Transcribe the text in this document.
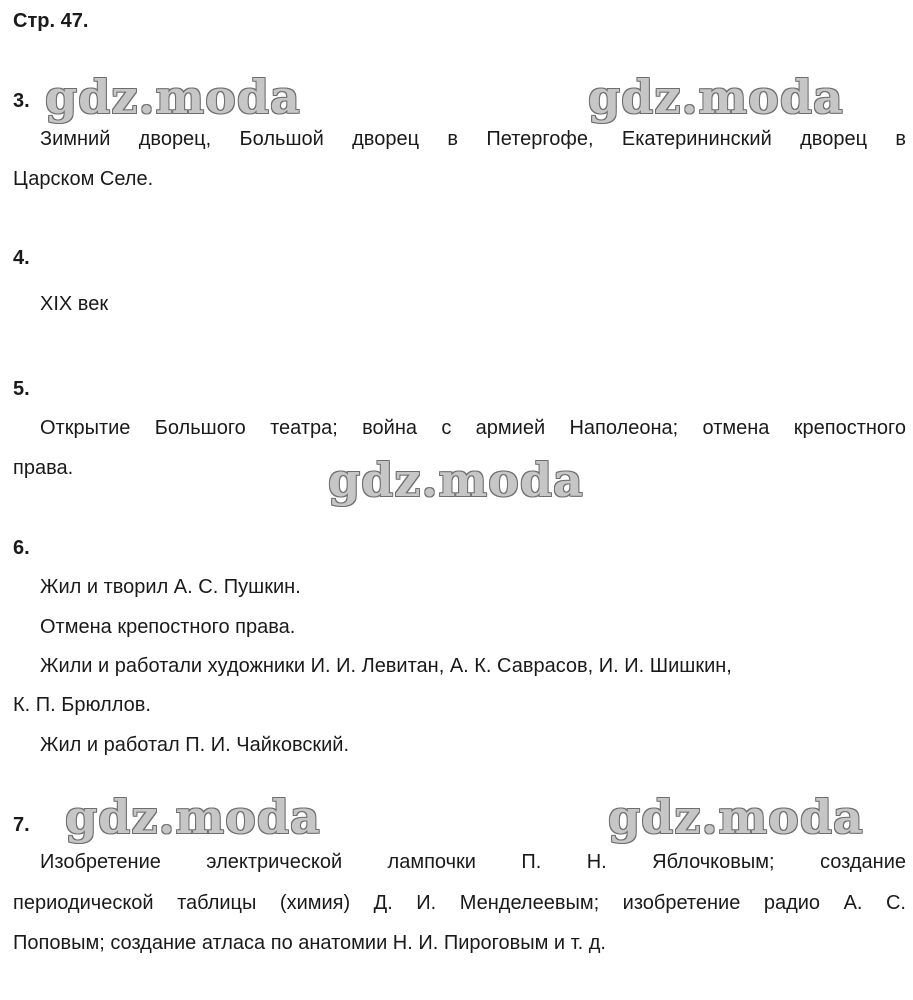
Стр. 47.
3.
Зимний дворец, Большой дворец в Петергофе, Екатерининский дворец в
Царском Селе.
4.
XIX век
5.
Открытие Большого театра; война с армией Наполеона; отмена крепостного
права.
6.
Жил и творил А. С. Пушкин.
Отмена крепостного права.
Жили и работали художники И. И. Левитан, А. К. Саврасов, И. И. Шишкин,
К. П. Брюллов.
Жил и работал П. И. Чайковский.
7.
Изобретение электрической лампочки П. Н. Яблочковым; создание
периодической таблицы (химия) Д. И. Менделеевым; изобретение радио А. С.
Поповым; создание атласа по анатомии Н. И. Пироговым и т. д.
gdz.moda	gdz.moda
gdz.moda
gdz.moda	gdz.moda
